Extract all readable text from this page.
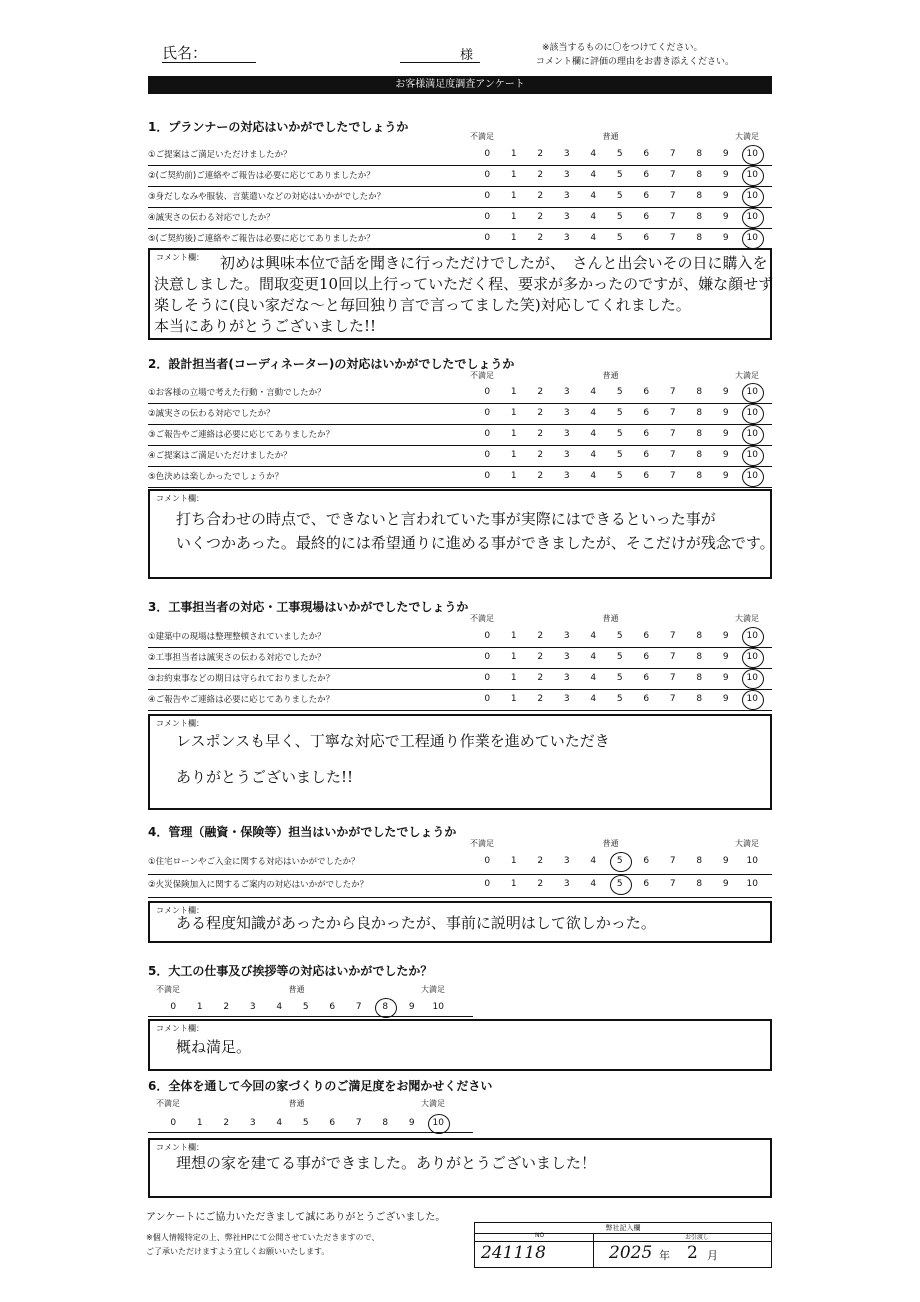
氏名：	様	※該当するものに〇をつけてください。
コメント欄に評価の理由をお書き添えください。
お客様満足度調査アンケート
1．プランナーの対応はいかがでしたでしょうか
不満足	普通	大満足
①ご提案はご満足いただけましたか？	0	1	2	3	4	5	6	7	8	9	10
②(ご契約前)ご連絡やご報告は必要に応じてありましたか？	0	1	2	3	4	5	6	7	8	9	10
③身だしなみや服装、言葉遣いなどの対応はいかがでしたか？	0	1	2	3	4	5	6	7	8	9	10
④誠実さの伝わる対応でしたか？	0	1	2	3	4	5	6	7	8	9	10
⑤(ご契約後)ご連絡やご報告は必要に応じてありましたか？	0	1	2	3	4	5	6	7	8	9	10
コメント欄： 初めは興味本位で話を聞きに行っただけでしたが、　さんと出会いその日に購入を
決意しました。間取変更10回以上行っていただく程、要求が多かったのですが、嫌な顔せず
楽しそうに(良い家だな〜と毎回独り言で言ってました笑)対応してくれました。
本当にありがとうございました!!
2．設計担当者(コーディネーター)の対応はいかがでしたでしょうか
不満足	普通	大満足
①お客様の立場で考えた行動・言動でしたか？	0	1	2	3	4	5	6	7	8	9	10
②誠実さの伝わる対応でしたか？	0	1	2	3	4	5	6	7	8	9	10
③ご報告やご連絡は必要に応じてありましたか？	0	1	2	3	4	5	6	7	8	9	10
④ご提案はご満足いただけましたか？	0	1	2	3	4	5	6	7	8	9	10
⑤色決めは楽しかったでしょうか？	0	1	2	3	4	5	6	7	8	9	10
コメント欄：
打ち合わせの時点で、できないと言われていた事が実際にはできるといった事が
いくつかあった。最終的には希望通りに進める事ができましたが、そこだけが残念です。
3．工事担当者の対応・工事現場はいかがでしたでしょうか
不満足	普通	大満足
①建築中の現場は整理整頓されていましたか？	0	1	2	3	4	5	6	7	8	9	10
②工事担当者は誠実さの伝わる対応でしたか？	0	1	2	3	4	5	6	7	8	9	10
③お約束事などの期日は守られておりましたか？	0	1	2	3	4	5	6	7	8	9	10
④ご報告やご連絡は必要に応じてありましたか？	0	1	2	3	4	5	6	7	8	9	10
コメント欄：
レスポンスも早く、丁寧な対応で工程通り作業を進めていただき
ありがとうございました!!
4．管理（融資・保険等）担当はいかがでしたでしょうか
不満足	普通	大満足
①住宅ローンやご入金に関する対応はいかがでしたか？	0	1	2	3	4	5	6	7	8	9	10
②火災保険加入に関するご案内の対応はいかがでしたか？	0	1	2	3	4	5	6	7	8	9	10
コメント欄：
ある程度知識があったから良かったが、事前に説明はして欲しかった。
5．大工の仕事及び挨拶等の対応はいかがでしたか？
不満足	普通	大満足
0	1	2	3	4	5	6	7	8	9	10
コメント欄：
概ね満足。
6．全体を通して今回の家づくりのご満足度をお聞かせください
不満足	普通	大満足
0	1	2	3	4	5	6	7	8	9	10
コメント欄：
理想の家を建てる事ができました。ありがとうございました！
アンケートにご協力いただきまして誠にありがとうございました。
※個人情報特定の上、弊社HPにて公開させていただきますので、
ご了承いただけますよう宜しくお願いいたします。
弊社記入欄
NO	お引渡し
241118	2025 年 2 月
